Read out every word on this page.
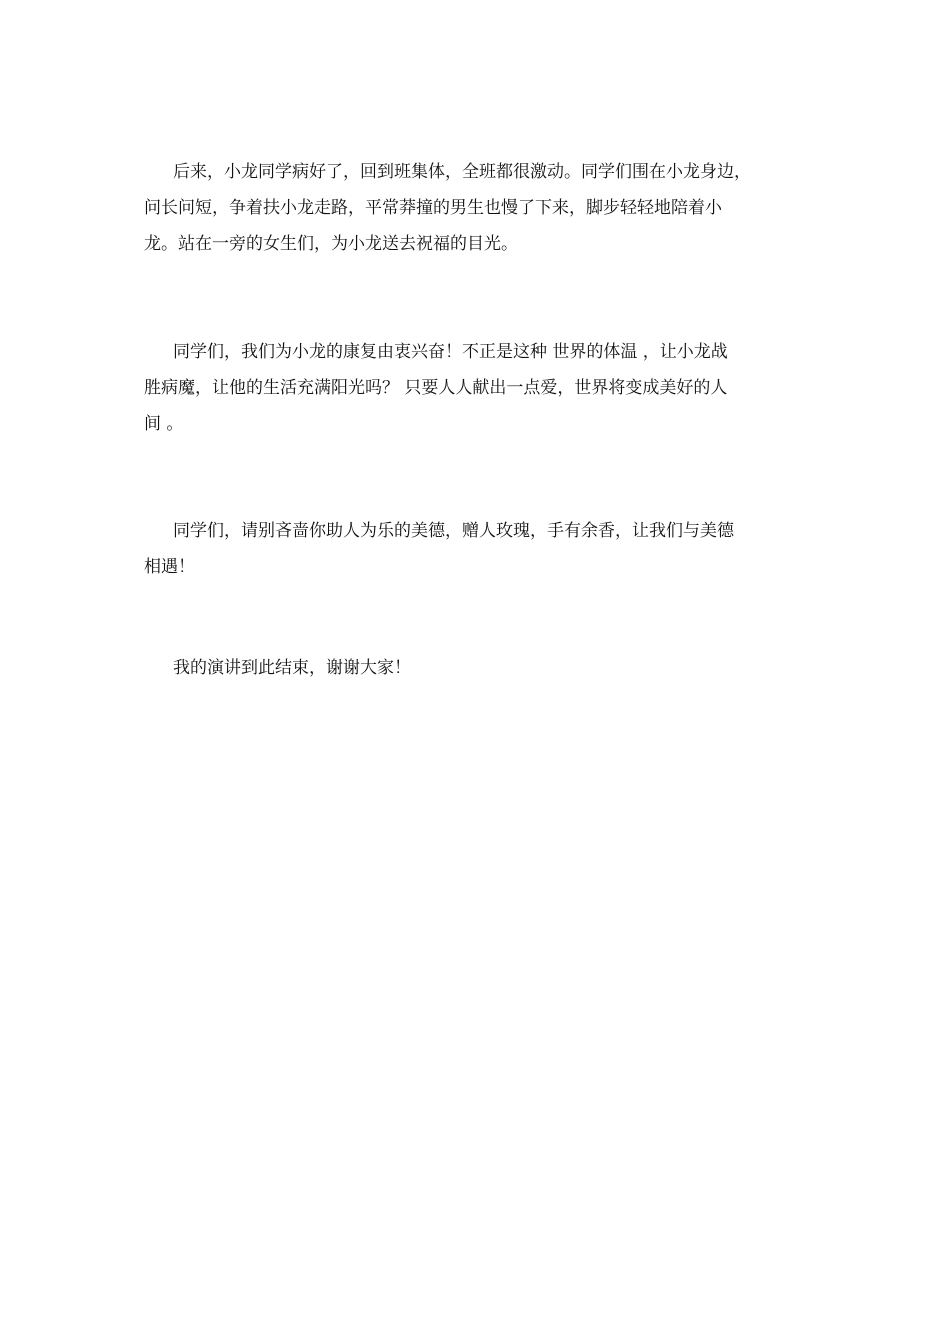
后来，小龙同学病好了，回到班集体，全班都很激动。同学们围在小龙身边，
问长问短，争着扶小龙走路，平常莽撞的男生也慢了下来，脚步轻轻地陪着小
龙。站在一旁的女生们，为小龙送去祝福的目光。

同学们，我们为小龙的康复由衷兴奋！不正是这种 世界的体温 ，让小龙战
胜病魔，让他的生活充满阳光吗？ 只要人人献出一点爱，世界将变成美好的人
间 。

同学们，请别吝啬你助人为乐的美德，赠人玫瑰，手有余香，让我们与美德
相遇！

我的演讲到此结束，谢谢大家！
